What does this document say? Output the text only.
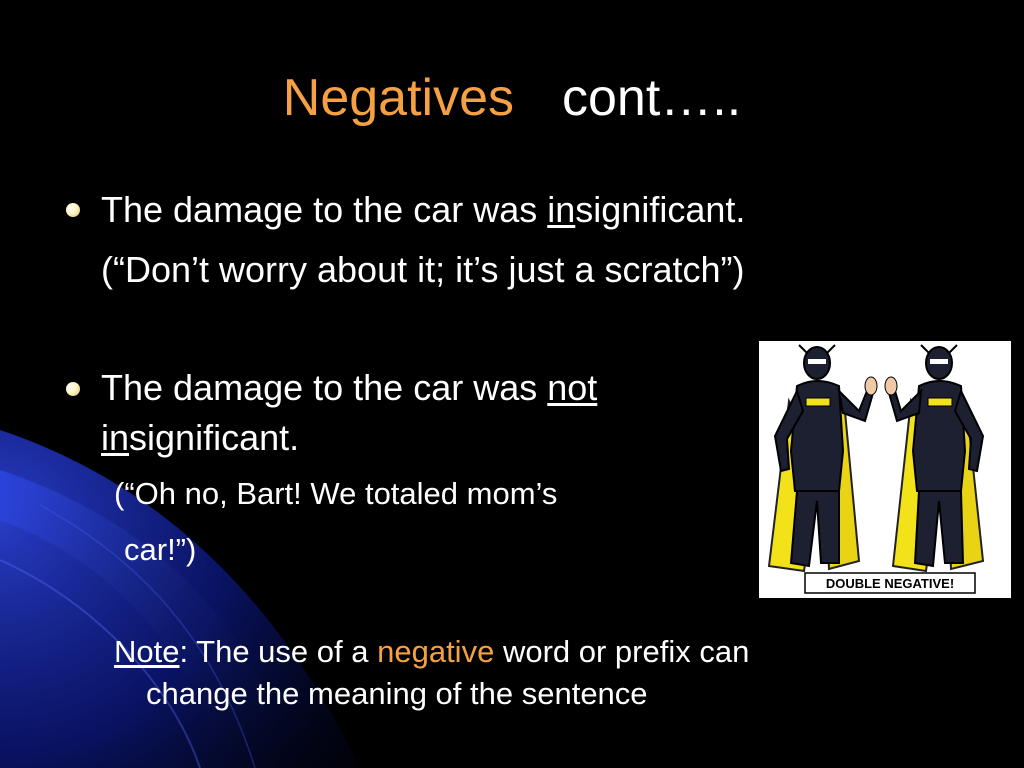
Negatives cont…..
The damage to the car was insignificant.
(“Don’t worry about it; it’s just a scratch”)
The damage to the car was not
insignificant.
(“Oh no, Bart! We totaled mom’s
car!”)
Note: The use of a negative word or prefix can
change the meaning of the sentence
DOUBLE NEGATIVE!
